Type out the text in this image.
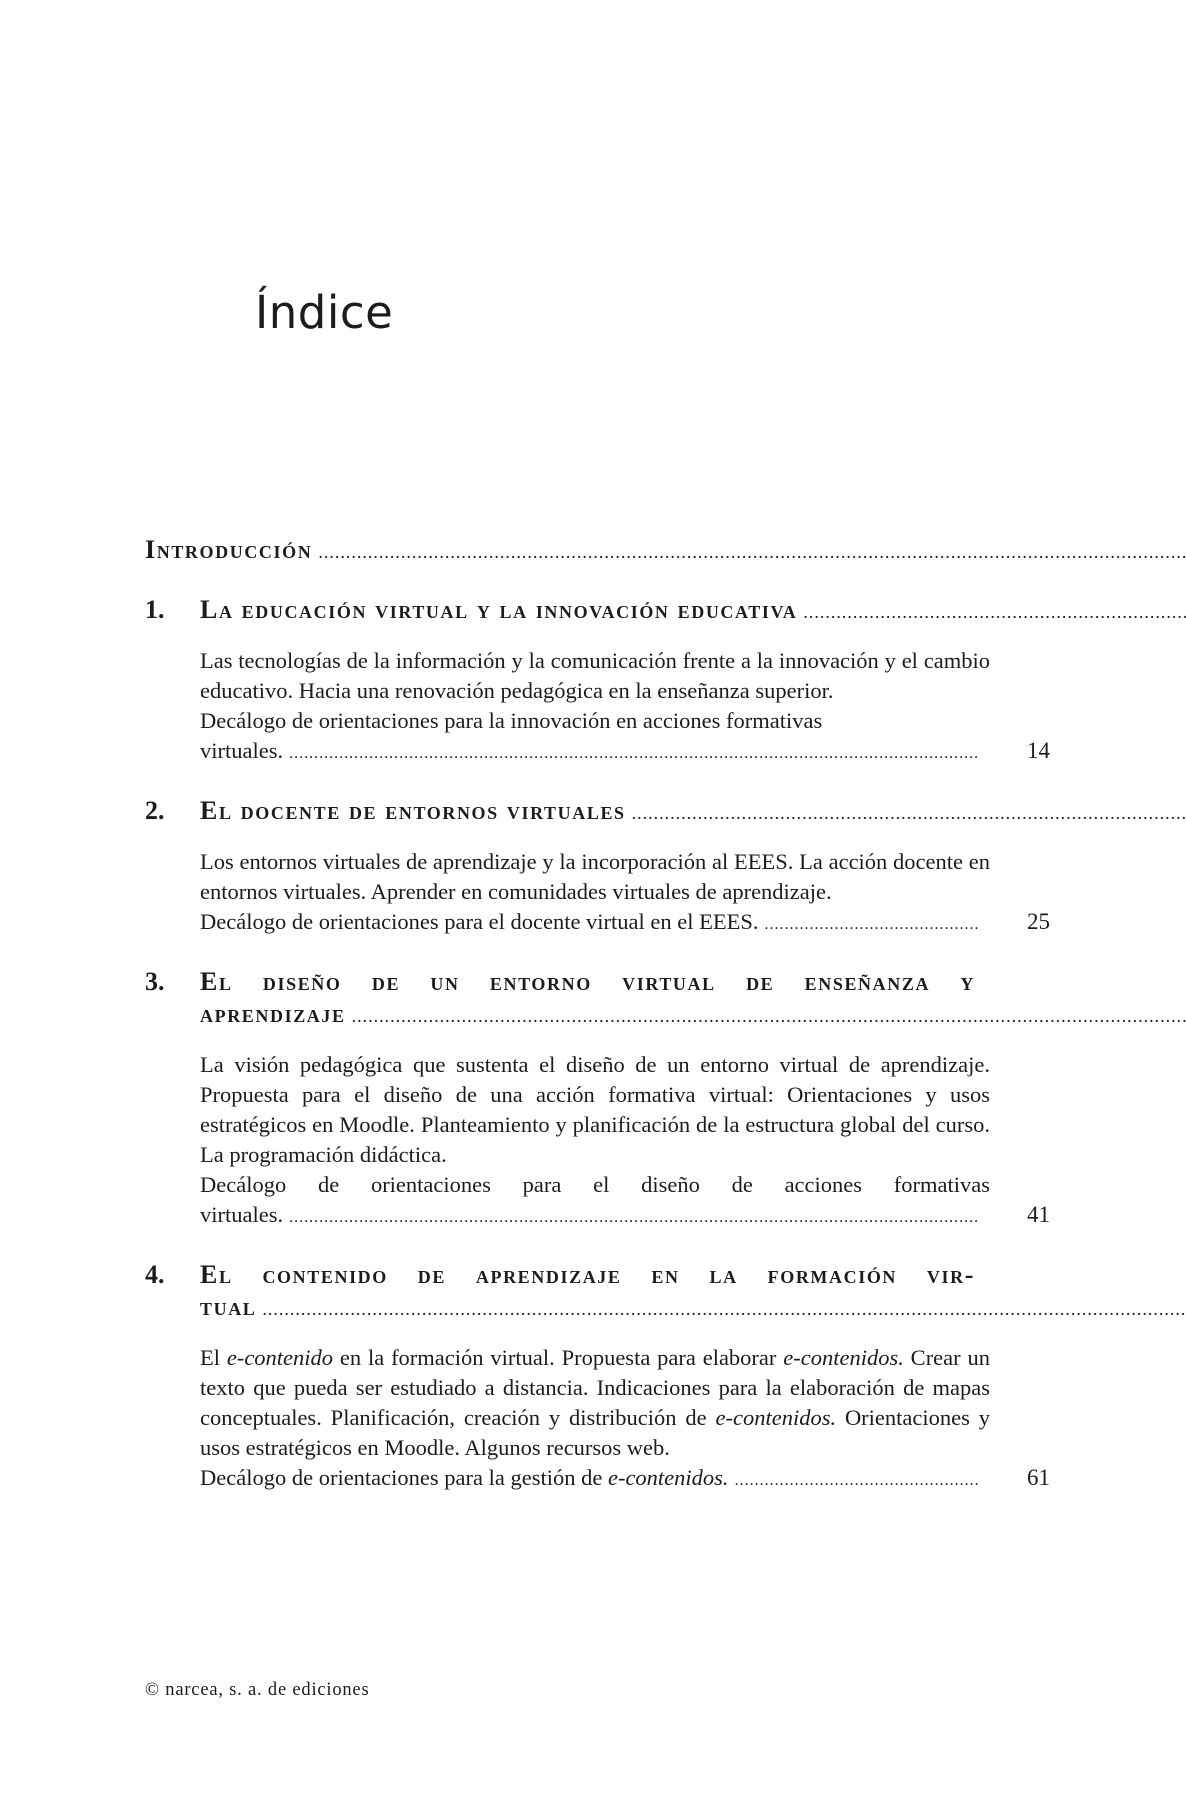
Índice
Introducción
.....
1.	La educación virtual y la innovación educativa
.....
Las tecnologías de la información y la comunicación frente a la innovación y el cambio educativo. Hacia una renovación pedagógica en la enseñanza superior.
Decálogo de orientaciones para la innovación en acciones formativas
virtuales. .....	14
2.	El docente de entornos virtuales
.....
Los entornos virtuales de aprendizaje y la incorporación al EEES. La acción docente en entornos virtuales. Aprender en comunidades virtuales de aprendizaje.
Decálogo de orientaciones para el docente virtual en el EEES. .....	25
3.	El diseño de un entorno virtual de enseñanza y
aprendizaje
.....
La visión pedagógica que sustenta el diseño de un entorno virtual de aprendizaje. Propuesta para el diseño de una acción formativa virtual: Orientaciones y usos estratégicos en Moodle. Planteamiento y planificación de la estructura global del curso. La programación didáctica.
Decálogo de orientaciones para el diseño de acciones formativas
virtuales. .....	41
4.	El contenido de aprendizaje en la formación vir-
tual
.....
El e-contenido en la formación virtual. Propuesta para elaborar e-contenidos. Crear un texto que pueda ser estudiado a distancia. Indicaciones para la elaboración de mapas conceptuales. Planificación, creación y distribución de e-contenidos. Orientaciones y usos estratégicos en Moodle. Algunos recursos web.
Decálogo de orientaciones para la gestión de e-contenidos. .....	61
© narcea, s. a. de ediciones
